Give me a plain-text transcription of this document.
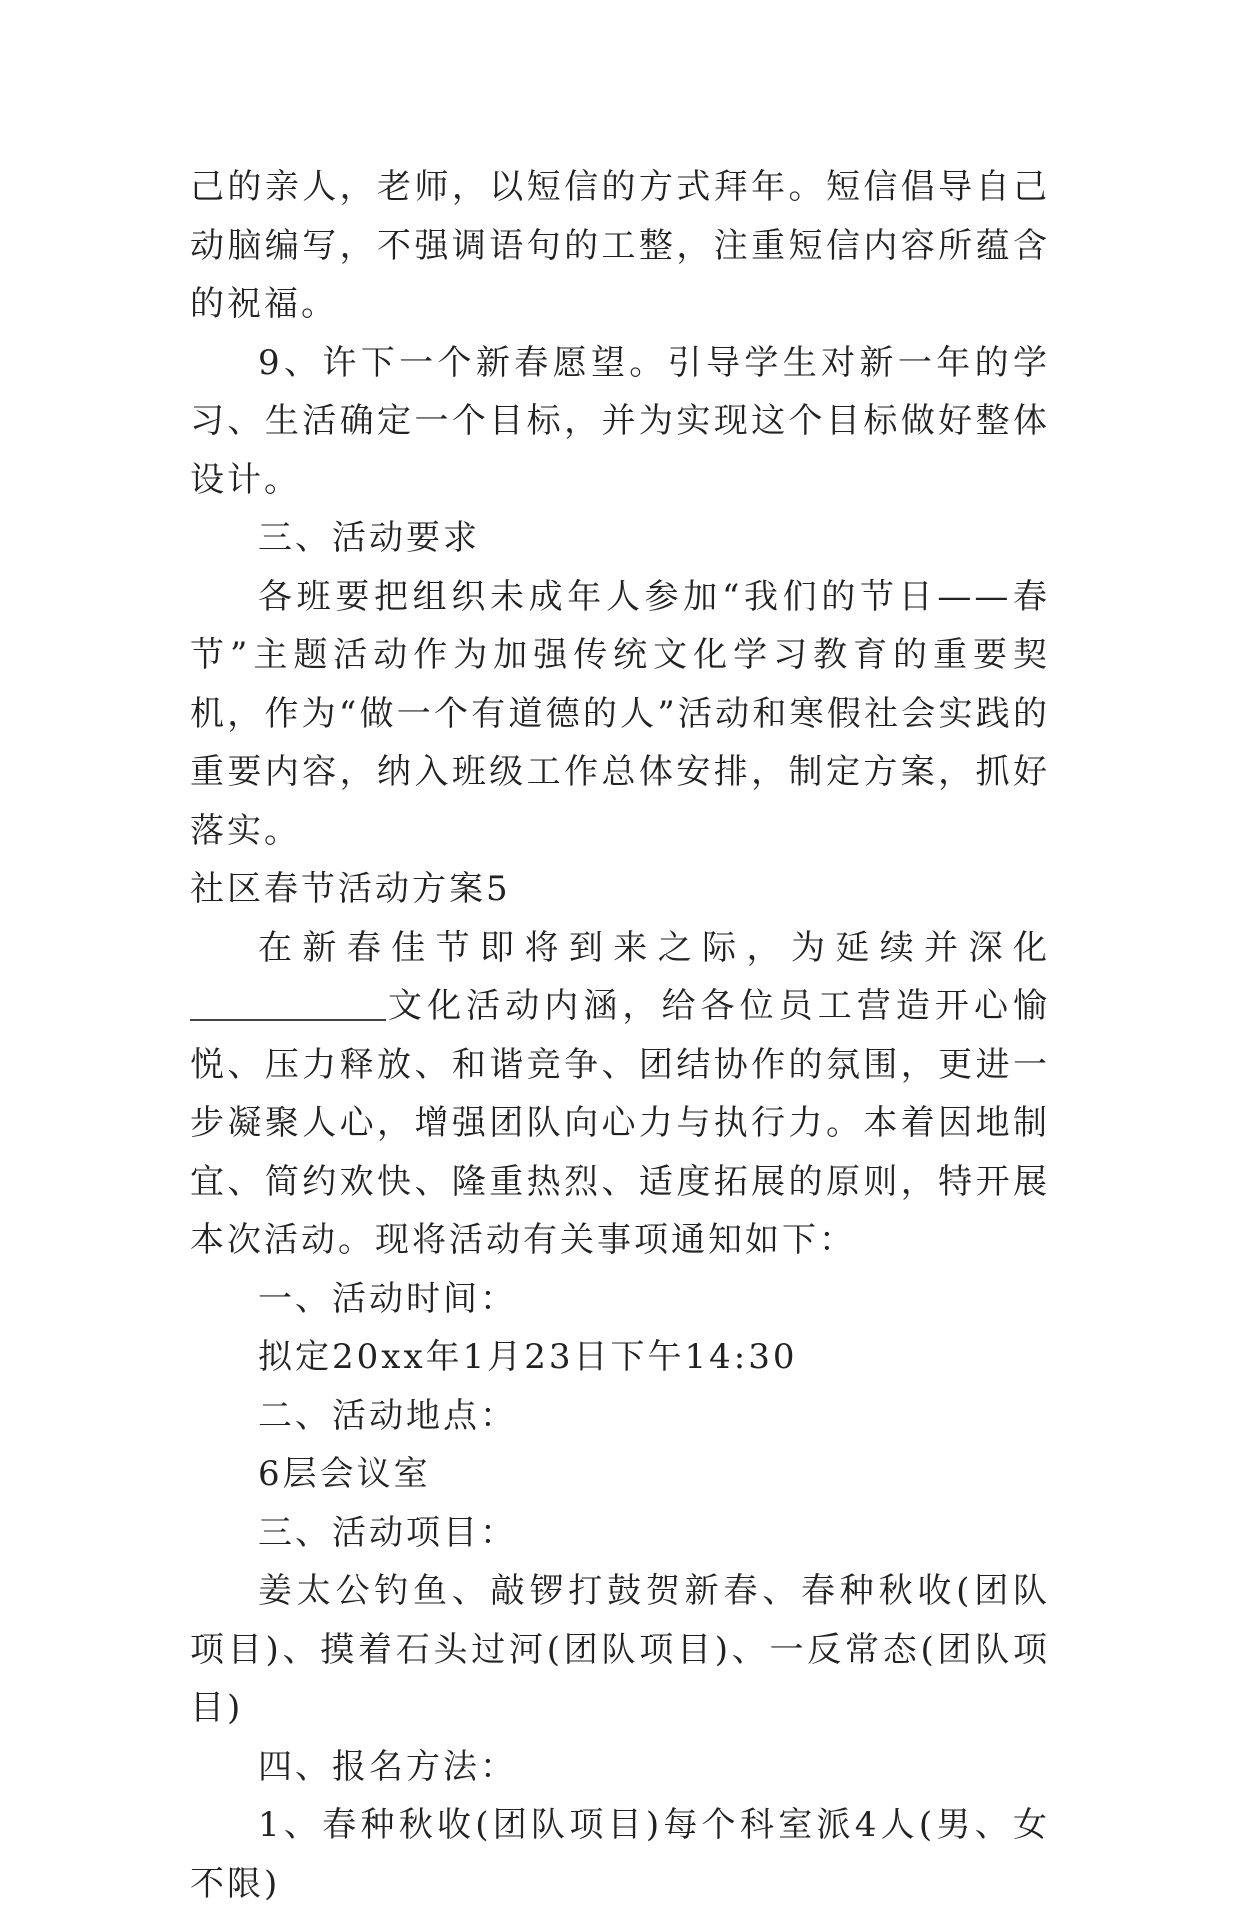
己的亲人，老师，以短信的方式拜年。短信倡导自己动脑编写，不强调语句的工整，注重短信内容所蕴含的祝福。

9、许下一个新春愿望。引导学生对新一年的学习、生活确定一个目标，并为实现这个目标做好整体设计。

三、活动要求

各班要把组织未成年人参加“我们的节日——春节”主题活动作为加强传统文化学习教育的重要契机，作为“做一个有道德的人”活动和寒假社会实践的重要内容，纳入班级工作总体安排，制定方案，抓好落实。

社区春节活动方案5

在新春佳节即将到来之际，为延续并深化文化活动内涵，给各位员工营造开心愉悦、压力释放、和谐竞争、团结协作的氛围，更进一步凝聚人心，增强团队向心力与执行力。本着因地制宜、简约欢快、隆重热烈、适度拓展的原则，特开展本次活动。现将活动有关事项通知如下：

一、活动时间：

拟定20xx年1月23日下午14:30

二、活动地点：

6层会议室

三、活动项目：

姜太公钓鱼、敲锣打鼓贺新春、春种秋收(团队项目)、摸着石头过河(团队项目)、一反常态(团队项目)

四、报名方法：

1、春种秋收(团队项目)每个科室派4人(男、女不限)
